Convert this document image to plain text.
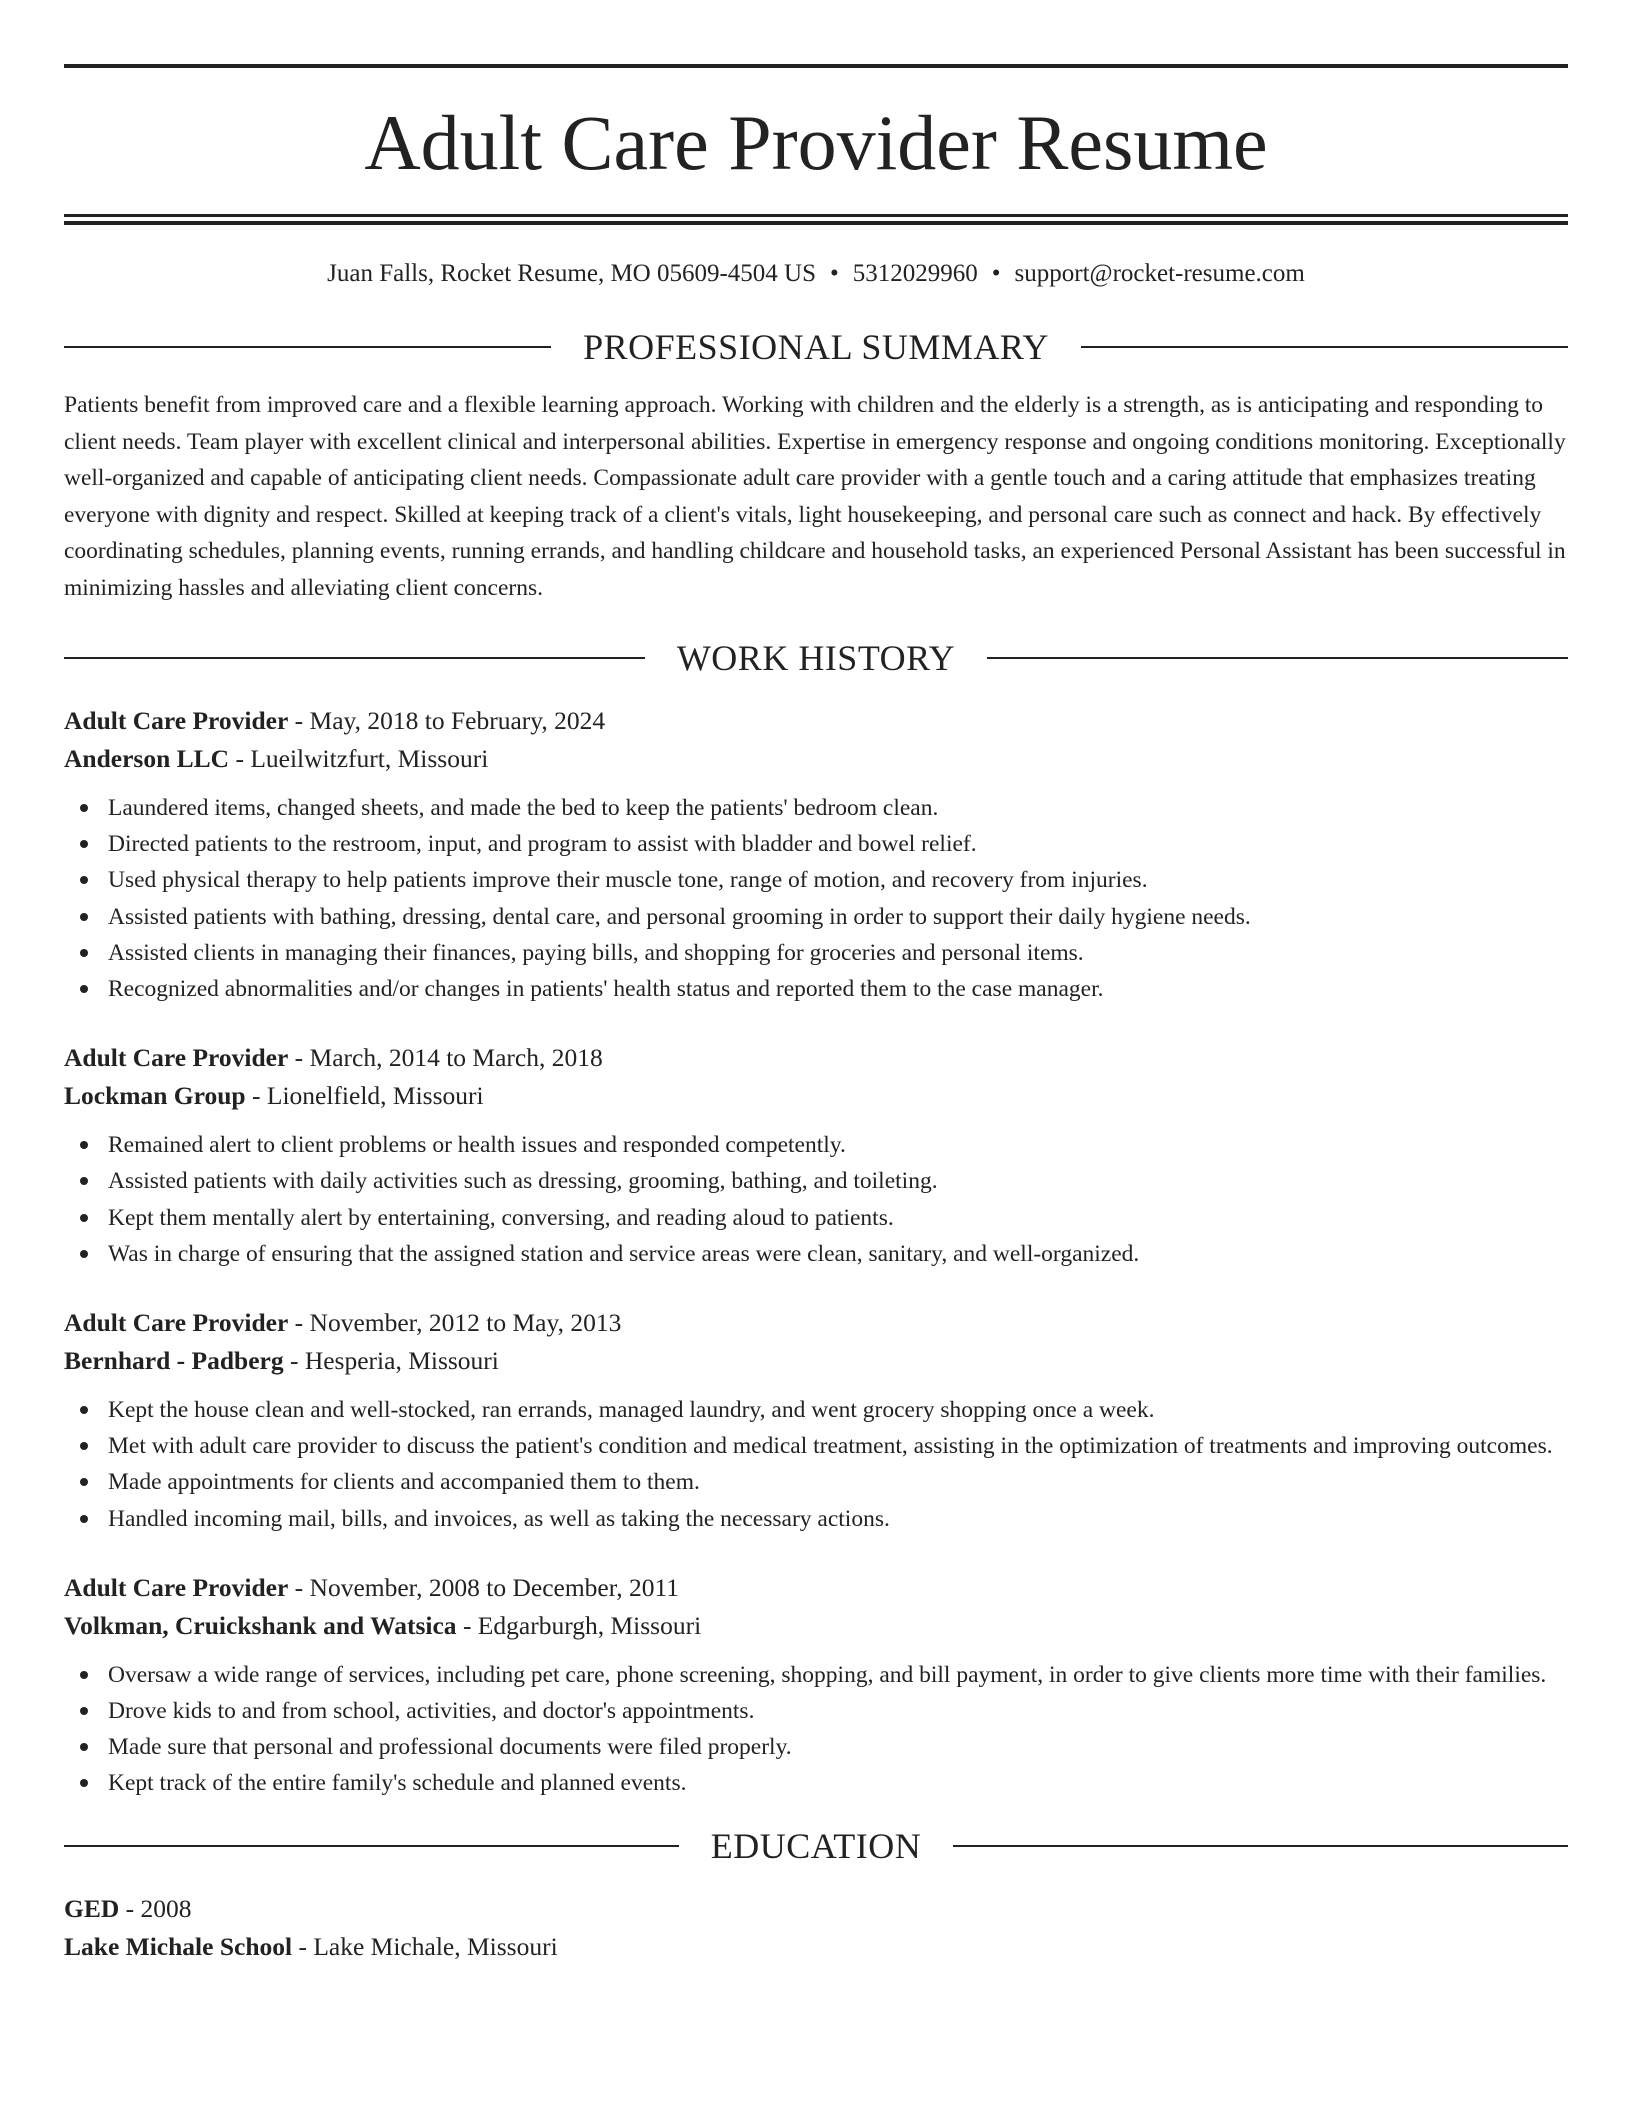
Adult Care Provider Resume
Juan Falls, Rocket Resume, MO 05609-4504 US • 5312029960 • support@rocket-resume.com
PROFESSIONAL SUMMARY

Patients benefit from improved care and a flexible learning approach. Working with children and the elderly is a strength, as is anticipating and responding to client needs. Team player with excellent clinical and interpersonal abilities. Expertise in emergency response and ongoing conditions monitoring. Exceptionally well-organized and capable of anticipating client needs. Compassionate adult care provider with a gentle touch and a caring attitude that emphasizes treating everyone with dignity and respect. Skilled at keeping track of a client's vitals, light housekeeping, and personal care such as connect and hack. By effectively coordinating schedules, planning events, running errands, and handling childcare and household tasks, an experienced Personal Assistant has been successful in minimizing hassles and alleviating client concerns.

WORK HISTORY
Adult Care Provider - May, 2018 to February, 2024
Anderson LLC - Lueilwitzfurt, Missouri
Laundered items, changed sheets, and made the bed to keep the patients' bedroom clean.
Directed patients to the restroom, input, and program to assist with bladder and bowel relief.
Used physical therapy to help patients improve their muscle tone, range of motion, and recovery from injuries.
Assisted patients with bathing, dressing, dental care, and personal grooming in order to support their daily hygiene needs.
Assisted clients in managing their finances, paying bills, and shopping for groceries and personal items.
Recognized abnormalities and/or changes in patients' health status and reported them to the case manager.
Adult Care Provider - March, 2014 to March, 2018
Lockman Group - Lionelfield, Missouri
Remained alert to client problems or health issues and responded competently.
Assisted patients with daily activities such as dressing, grooming, bathing, and toileting.
Kept them mentally alert by entertaining, conversing, and reading aloud to patients.
Was in charge of ensuring that the assigned station and service areas were clean, sanitary, and well-organized.
Adult Care Provider - November, 2012 to May, 2013
Bernhard - Padberg - Hesperia, Missouri
Kept the house clean and well-stocked, ran errands, managed laundry, and went grocery shopping once a week.
Met with adult care provider to discuss the patient's condition and medical treatment, assisting in the optimization of treatments and improving outcomes.
Made appointments for clients and accompanied them to them.
Handled incoming mail, bills, and invoices, as well as taking the necessary actions.
Adult Care Provider - November, 2008 to December, 2011
Volkman, Cruickshank and Watsica - Edgarburgh, Missouri
Oversaw a wide range of services, including pet care, phone screening, shopping, and bill payment, in order to give clients more time with their families.
Drove kids to and from school, activities, and doctor's appointments.
Made sure that personal and professional documents were filed properly.
Kept track of the entire family's schedule and planned events.
EDUCATION
GED - 2008
Lake Michale School - Lake Michale, Missouri
